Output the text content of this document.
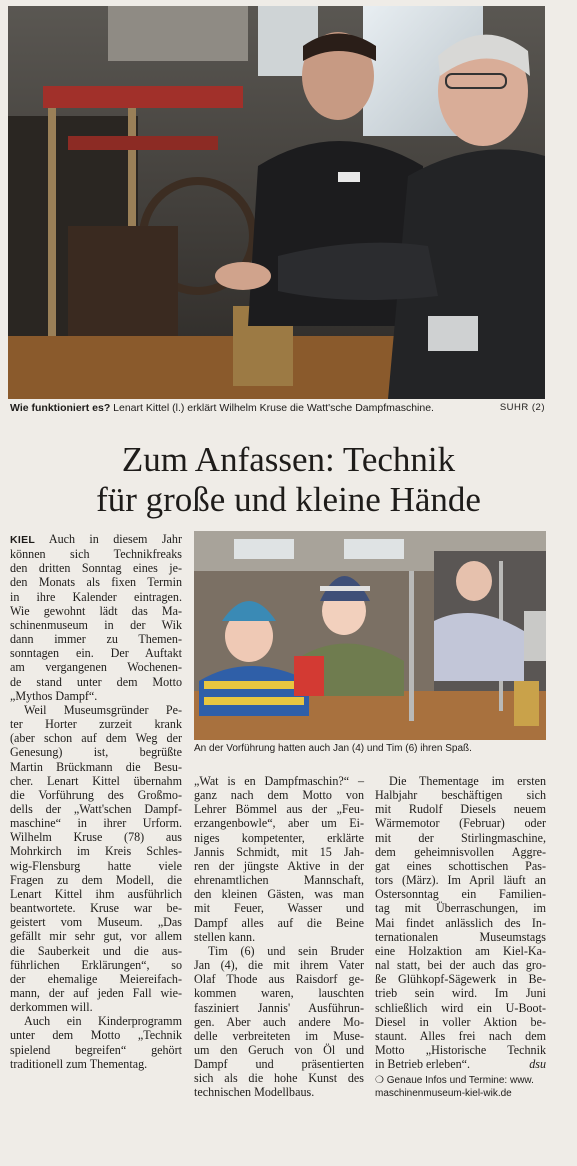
Wie funktioniert es? Lenart Kittel (l.) erklärt Wilhelm Kruse die Watt'sche Dampfmaschine.	SUHR (2)
Zum Anfassen: Technik
für große und kleine Hände
An der Vorführung hatten auch Jan (4) und Tim (6) ihren Spaß.

KIEL Auch in diesem Jahr
können sich Technikfreaks
den dritten Sonntag eines je-
den Monats als fixen Termin
in ihre Kalender eintragen.
Wie gewohnt lädt das Ma-
schinenmuseum in der Wik
dann immer zu Themen-
sonntagen ein. Der Auftakt
am vergangenen Wochenen-
de stand unter dem Motto
„Mythos Dampf“.

Weil Museumsgründer Pe-
ter Horter zurzeit krank
(aber schon auf dem Weg der
Genesung) ist, begrüßte
Martin Brückmann die Besu-
cher. Lenart Kittel übernahm
die Vorführung des Großmo-
dells der „Watt'schen Dampf-
maschine“ in ihrer Urform.
Wilhelm Kruse (78) aus
Mohrkirch im Kreis Schles-
wig-Flensburg hatte viele
Fragen zu dem Modell, die
Lenart Kittel ihm ausführlich
beantwortete. Kruse war be-
geistert vom Museum. „Das
gefällt mir sehr gut, vor allem
die Sauberkeit und die aus-
führlichen Erklärungen“, so
der ehemalige Meiereifach-
mann, der auf jeden Fall wie-
derkommen will.

Auch ein Kinderprogramm
unter dem Motto „Technik
spielend begreifen“ gehört
traditionell zum Thementag.

„Wat is en Dampfmaschin?“ –
ganz nach dem Motto von
Lehrer Bömmel aus der „Feu-
erzangenbowle“, aber um Ei-
niges kompetenter, erklärte
Jannis Schmidt, mit 15 Jah-
ren der jüngste Aktive in der
ehrenamtlichen Mannschaft,
den kleinen Gästen, was man
mit Feuer, Wasser und
Dampf alles auf die Beine
stellen kann.

Tim (6) und sein Bruder
Jan (4), die mit ihrem Vater
Olaf Thode aus Raisdorf ge-
kommen waren, lauschten
fasziniert Jannis' Ausführun-
gen. Aber auch andere Mo-
delle verbreiteten im Muse-
um den Geruch von Öl und
Dampf und präsentierten
sich als die hohe Kunst des
technischen Modellbaus.

Die Thementage im ersten
Halbjahr beschäftigen sich
mit Rudolf Diesels neuem
Wärmemotor (Februar) oder
mit der Stirlingmaschine,
dem geheimnisvollen Aggre-
gat eines schottischen Pas-
tors (März). Im April läuft an
Ostersonntag ein Familien-
tag mit Überraschungen, im
Mai findet anlässlich des In-
ternationalen Museumstags
eine Holzaktion am Kiel-Ka-
nal statt, bei der auch das gro-
ße Glühkopf-Sägewerk in Be-
trieb sein wird. Im Juni
schließlich wird ein U-Boot-
Diesel in voller Aktion be-
staunt. Alles frei nach dem
Motto „Historische Technik
in Betrieb erleben“.	dsu

❍ Genaue Infos und Termine: www.
maschinenmuseum-kiel-wik.de
